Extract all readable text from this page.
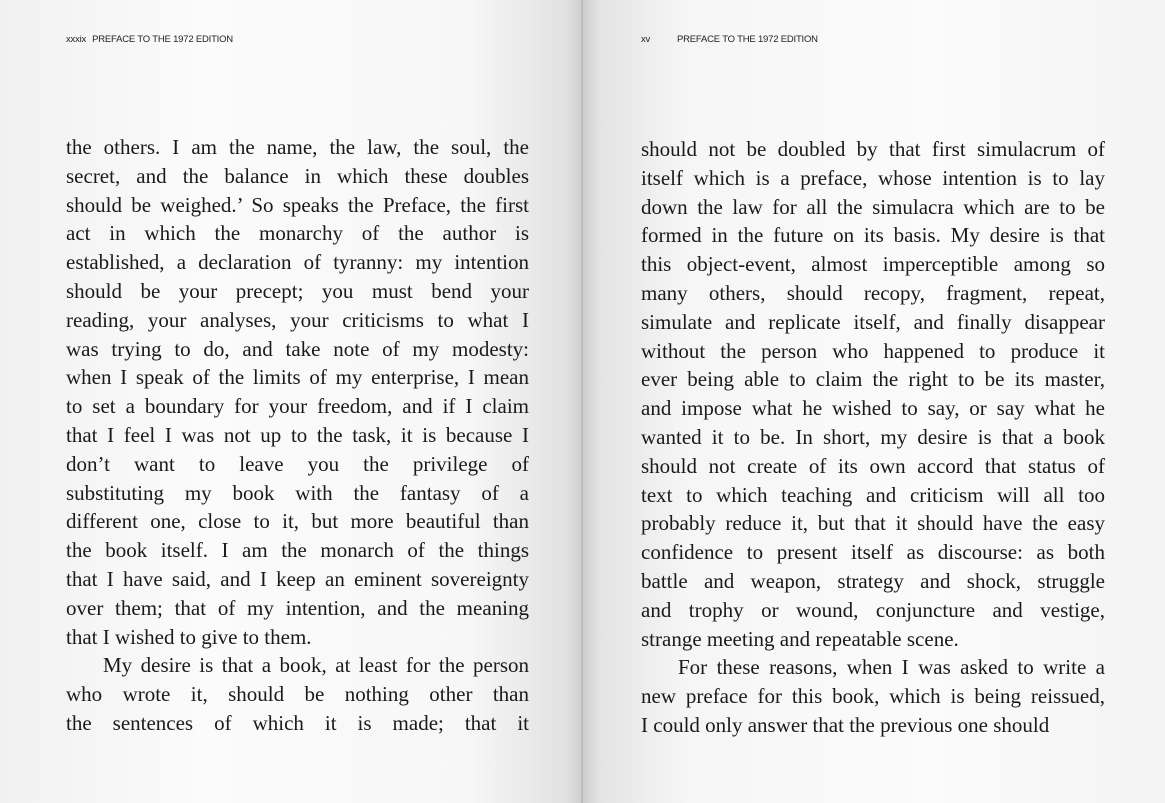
xxxix PREFACE TO THE 1972 EDITION
the others. I am the name, the law, the soul, the
secret, and the balance in which these doubles
should be weighed.’ So speaks the Preface, the first
act in which the monarchy of the author is
established, a declaration of tyranny: my intention
should be your precept; you must bend your
reading, your analyses, your criticisms to what I
was trying to do, and take note of my modesty:
when I speak of the limits of my enterprise, I mean
to set a boundary for your freedom, and if I claim
that I feel I was not up to the task, it is because I
don’t want to leave you the privilege of
substituting my book with the fantasy of a
different one, close to it, but more beautiful than
the book itself. I am the monarch of the things
that I have said, and I keep an eminent sovereignty
over them; that of my intention, and the meaning
that I wished to give to them.
My desire is that a book, at least for the person
who wrote it, should be nothing other than
the sentences of which it is made; that it
xv	PREFACE TO THE 1972 EDITION
should not be doubled by that first simulacrum of
itself which is a preface, whose intention is to lay
down the law for all the simulacra which are to be
formed in the future on its basis. My desire is that
this object-event, almost imperceptible among so
many others, should recopy, fragment, repeat,
simulate and replicate itself, and finally disappear
without the person who happened to produce it
ever being able to claim the right to be its master,
and impose what he wished to say, or say what he
wanted it to be. In short, my desire is that a book
should not create of its own accord that status of
text to which teaching and criticism will all too
probably reduce it, but that it should have the easy
confidence to present itself as discourse: as both
battle and weapon, strategy and shock, struggle
and trophy or wound, conjuncture and vestige,
strange meeting and repeatable scene.
For these reasons, when I was asked to write a
new preface for this book, which is being reissued,
I could only answer that the previous one should
